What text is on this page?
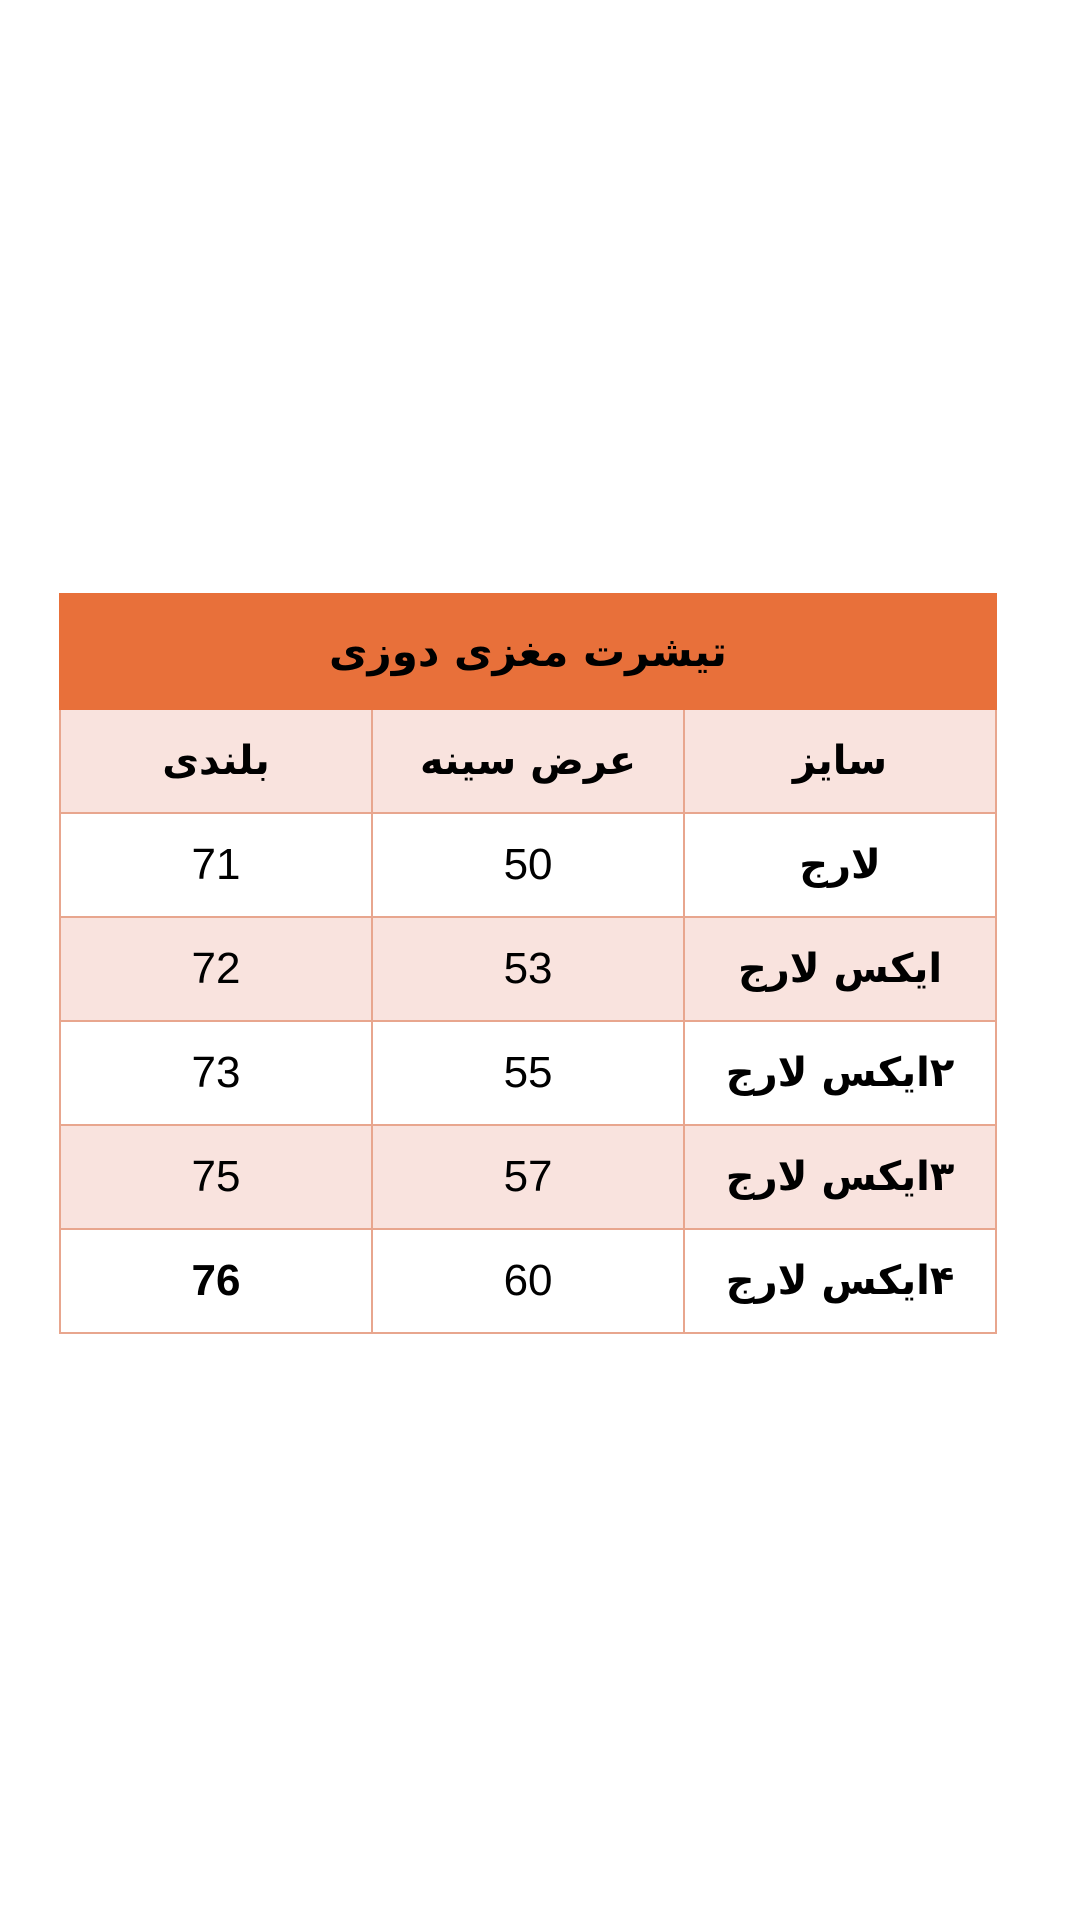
تیشرت مغزی دوزی		
سایز	عرض سینه	بلندی
لارج	50	71
ایکس لارج	53	72
۲ایکس لارج	55	73
۳ایکس لارج	57	75
۴ایکس لارج	60	76
